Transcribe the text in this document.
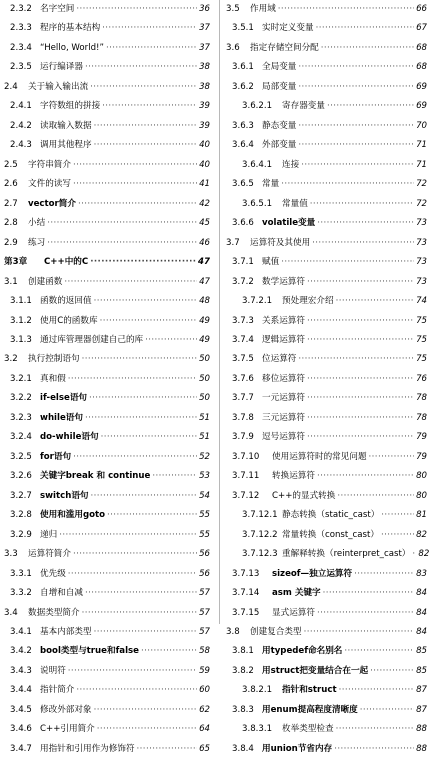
2.3.2 名字空间 ·····	36
2.3.3 程序的基本结构 ·····	37
2.3.4 “Hello, World!” ·····	37
2.3.5 运行编译器 ·····	38
2.4	关于输入输出流 ·····	38
2.4.1 字符数组的拼接 ·····	39
2.4.2 读取输入数据 ·····	39
2.4.3 调用其他程序 ·····	40
2.5	字符串简介 ·····	40
2.6	文件的读写 ·····	41
2.7	vector简介 ·····	42
2.8	小结 ·····	45
2.9	练习 ·····	46
第3章	C++中的C ·····	47
3.1	创建函数 ·····	47
3.1.1 函数的返回值 ·····	48
3.1.2 使用C的函数库 ·····	49
3.1.3 通过库管理器创建自己的库 ·····	49
3.2	执行控制语句 ·····	50
3.2.1 真和假 ·····	50
3.2.2 if-else语句 ·····	50
3.2.3 while语句 ·····	51
3.2.4 do-while语句 ·····	51
3.2.5 for语句 ·····	52
3.2.6 关键字break 和 continue ·····	53
3.2.7 switch语句 ·····	54
3.2.8 使用和滥用goto ·····	55
3.2.9 递归 ·····	55
3.3	运算符简介 ·····	56
3.3.1 优先级 ·····	56
3.3.2 自增和自减 ·····	57
3.4	数据类型简介 ·····	57
3.4.1 基本内部类型 ·····	57
3.4.2 bool类型与true和false ·····	58
3.4.3 说明符 ·····	59
3.4.4 指针简介 ·····	60
3.4.5 修改外部对象 ·····	62
3.4.6 C++引用简介 ·····	64
3.4.7 用指针和引用作为修饰符 ·····	65
3.5	作用域 ·····	66
3.5.1 实时定义变量 ·····	67
3.6	指定存储空间分配 ·····	68
3.6.1 全局变量 ·····	68
3.6.2 局部变量 ·····	69
3.6.2.1	寄存器变量 ·····	69
3.6.3 静态变量 ·····	70
3.6.4 外部变量 ·····	71
3.6.4.1	连接 ·····	71
3.6.5 常量 ·····	72
3.6.5.1	常量值 ·····	72
3.6.6 volatile变量 ·····	73
3.7	运算符及其使用 ·····	73
3.7.1 赋值 ·····	73
3.7.2 数学运算符 ·····	73
3.7.2.1	预处理宏介绍 ·····	74
3.7.3 关系运算符 ·····	75
3.7.4 逻辑运算符 ·····	75
3.7.5 位运算符 ·····	75
3.7.6 移位运算符 ·····	76
3.7.7 一元运算符 ·····	78
3.7.8 三元运算符 ·····	78
3.7.9 逗号运算符 ·····	79
3.7.10	使用运算符时的常见问题 ·····	79
3.7.11	转换运算符 ·····	80
3.7.12	C++的显式转换 ·····	80
3.7.12.1 静态转换（static_cast） ·····	81
3.7.12.2 常量转换（const_cast） ·····	82
3.7.12.3 重解释转换（reinterpret_cast） ····· 82
3.7.13	sizeof—独立运算符 ·····	83
3.7.14	asm 关键字 ·····	84
3.7.15	显式运算符 ·····	84
3.8	创建复合类型 ·····	84
3.8.1 用typedef命名别名 ·····	85
3.8.2 用struct把变量结合在一起 ·····	85
3.8.2.1	指针和struct ·····	87
3.8.3 用enum提高程度清晰度 ·····	87
3.8.3.1	枚举类型检查 ·····	88
3.8.4 用union节省内存 ·····	88
